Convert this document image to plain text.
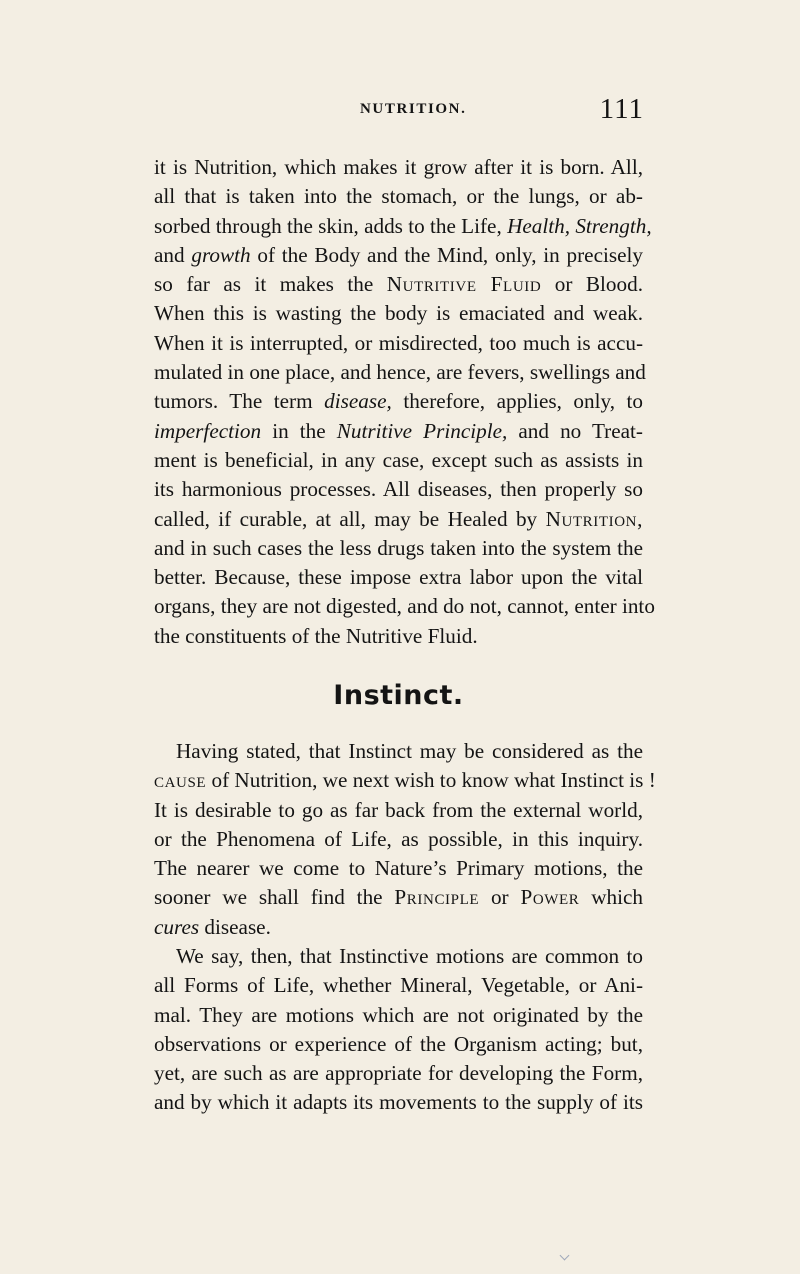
NUTRITION.	111
it is Nutrition, which makes it grow after it is born. All,
all that is taken into the stomach, or the lungs, or ab-
sorbed through the skin, adds to the Life, Health, Strength,
and growth of the Body and the Mind, only, in precisely
so far as it makes the Nutritive Fluid or Blood.
When this is wasting the body is emaciated and weak.
When it is interrupted, or misdirected, too much is accu-
mulated in one place, and hence, are fevers, swellings and
tumors. The term disease, therefore, applies, only, to
imperfection in the Nutritive Principle, and no Treat-
ment is beneficial, in any case, except such as assists in
its harmonious processes. All diseases, then properly so
called, if curable, at all, may be Healed by Nutrition,
and in such cases the less drugs taken into the system the
better. Because, these impose extra labor upon the vital
organs, they are not digested, and do not, cannot, enter into
the constituents of the Nutritive Fluid.
Instinct.
Having stated, that Instinct may be considered as the
cause of Nutrition, we next wish to know what Instinct is !
It is desirable to go as far back from the external world,
or the Phenomena of Life, as possible, in this inquiry.
The nearer we come to Nature’s Primary motions, the
sooner we shall find the Principle or Power which
cures disease.
We say, then, that Instinctive motions are common to
all Forms of Life, whether Mineral, Vegetable, or Ani-
mal. They are motions which are not originated by the
observations or experience of the Organism acting; but,
yet, are such as are appropriate for developing the Form,
and by which it adapts its movements to the supply of its
